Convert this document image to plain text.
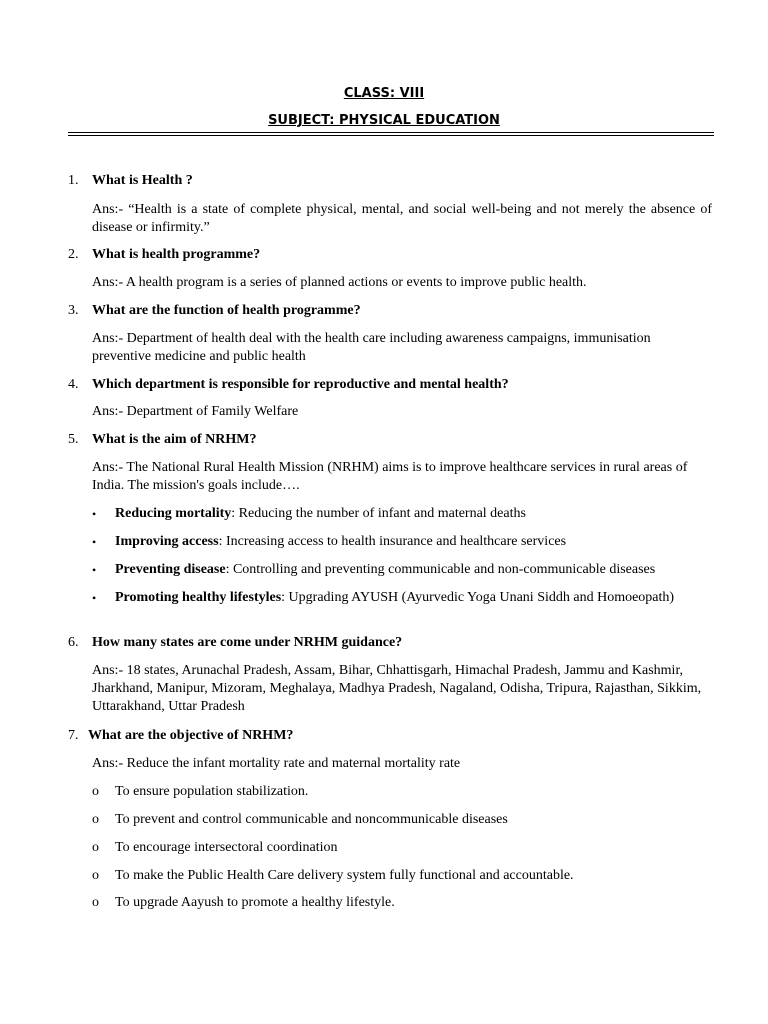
CLASS: VIII
SUBJECT: PHYSICAL EDUCATION
1. What is Health ?
Ans:- “Health is a state of complete physical, mental, and social well-being and not merely the absence of disease or infirmity.”
2. What is health programme?
Ans:- A health program is a series of planned actions or events to improve public health.
3. What are the function of health programme?
Ans:- Department of health deal with the health care including awareness campaigns, immunisation preventive medicine and public health
4. Which department is responsible for reproductive and mental health?
Ans:- Department of Family Welfare
5. What is the aim of NRHM?
Ans:- The National Rural Health Mission (NRHM) aims is to improve healthcare services in rural areas of India. The mission's goals include….
•	Reducing mortality: Reducing the number of infant and maternal deaths
•	Improving access: Increasing access to health insurance and healthcare services
•	Preventing disease: Controlling and preventing communicable and non-communicable diseases
•	Promoting healthy lifestyles: Upgrading AYUSH (Ayurvedic Yoga Unani Siddh and Homoeopath)
6. How many states are come under NRHM guidance?
Ans:- 18 states, Arunachal Pradesh, Assam, Bihar, Chhattisgarh, Himachal Pradesh, Jammu and Kashmir, Jharkhand, Manipur, Mizoram, Meghalaya, Madhya Pradesh, Nagaland, Odisha, Tripura, Rajasthan, Sikkim, Uttarakhand, Uttar Pradesh
7. What are the objective of NRHM?
Ans:- Reduce the infant mortality rate and maternal mortality rate
o	To ensure population stabilization.
o	To prevent and control communicable and noncommunicable diseases
o	To encourage intersectoral coordination
o	To make the Public Health Care delivery system fully functional and accountable.
o	To upgrade Aayush to promote a healthy lifestyle.
